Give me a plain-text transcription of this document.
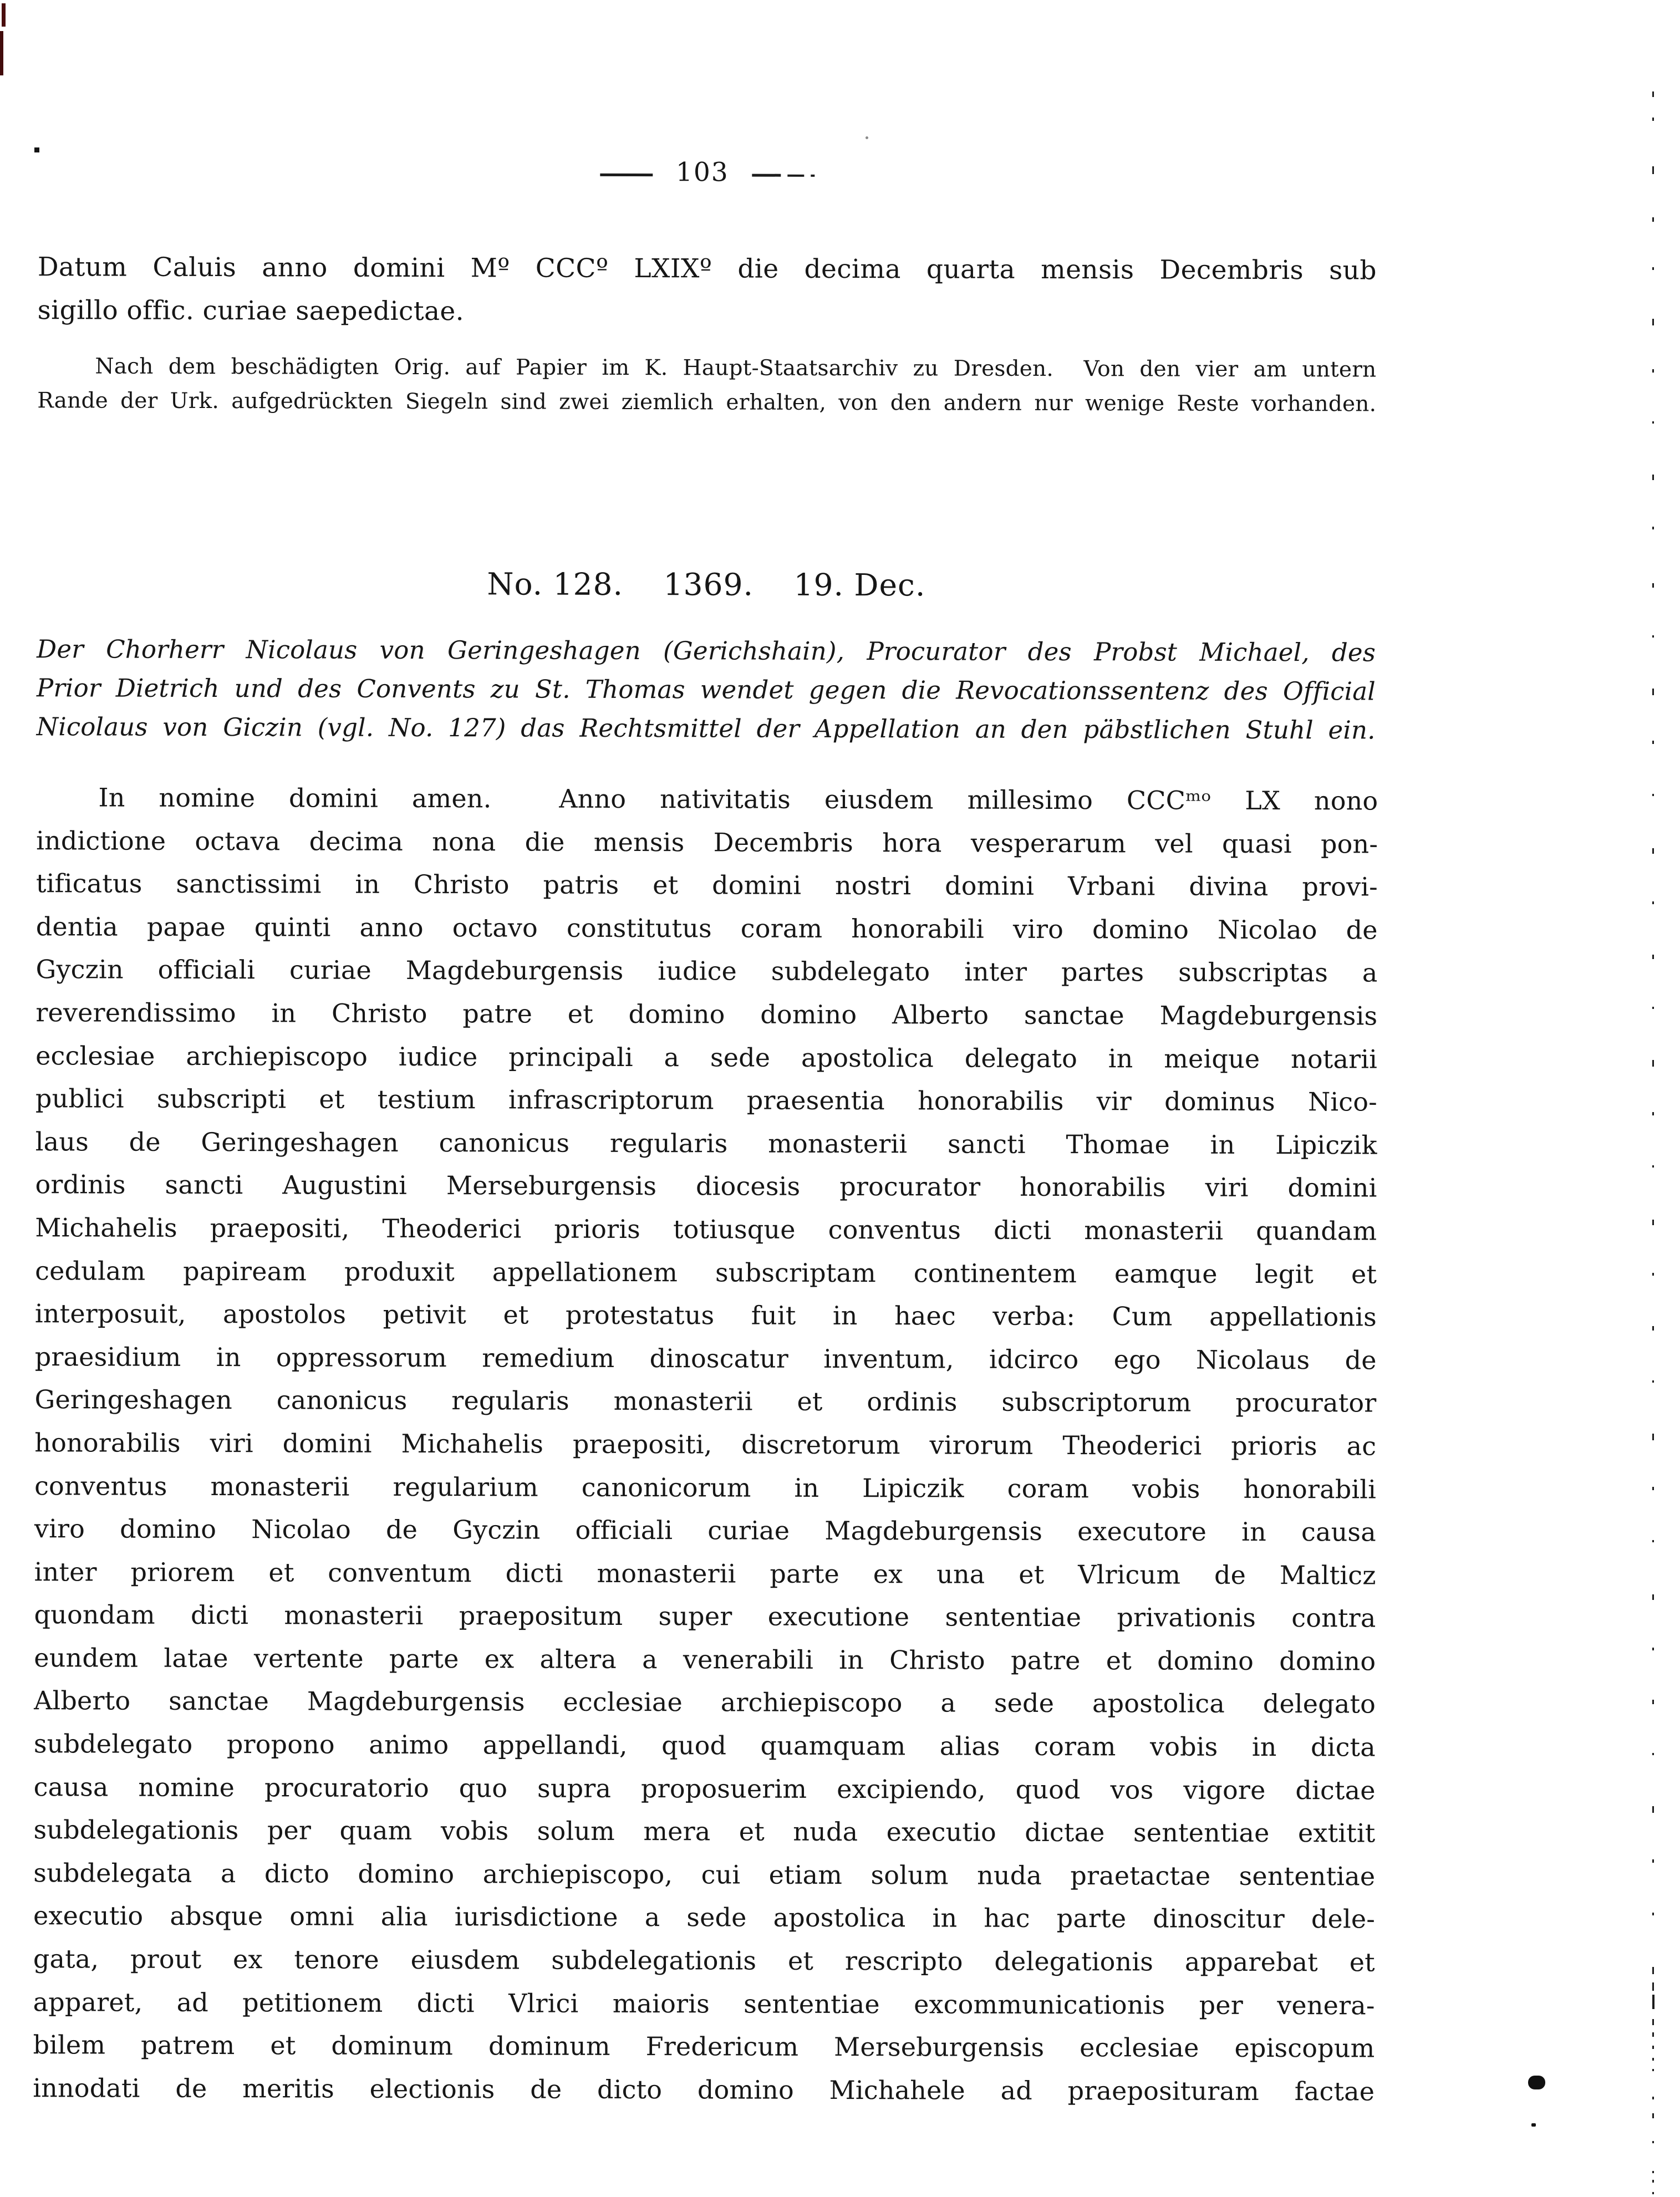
103
Datum Caluis anno domini Mº CCCº LXIXº die decima quarta mensis Decembris sub
sigillo offic. curiae saepedictae.
Nach dem beschädigten Orig. auf Papier im K. Haupt-Staatsarchiv zu Dresden.  Von den vier am untern
Rande der Urk. aufgedrückten Siegeln sind zwei ziemlich erhalten, von den andern nur wenige Reste vorhanden.
No. 128. 1369. 19. Dec.
Der Chorherr Nicolaus von Geringeshagen (Gerichshain), Procurator des Probst Michael, des
Prior Dietrich und des Convents zu St. Thomas wendet gegen die Revocationssentenz des Official
Nicolaus von Giczin (vgl. No. 127) das Rechtsmittel der Appellation an den päbstlichen Stuhl ein.
In nomine domini amen.  Anno nativitatis eiusdem millesimo CCCᵐᵒ LX nono
indictione octava decima nona die mensis Decembris hora vesperarum vel quasi pon-
tificatus sanctissimi in Christo patris et domini nostri domini Vrbani divina provi-
dentia papae quinti anno octavo constitutus coram honorabili viro domino Nicolao de
Gyczin officiali curiae Magdeburgensis iudice subdelegato inter partes subscriptas a
reverendissimo in Christo patre et domino domino Alberto sanctae Magdeburgensis
ecclesiae archiepiscopo iudice principali a sede apostolica delegato in meique notarii
publici subscripti et testium infrascriptorum praesentia honorabilis vir dominus Nico-
laus de Geringeshagen canonicus regularis monasterii sancti Thomae in Lipiczik
ordinis sancti Augustini Merseburgensis diocesis procurator honorabilis viri domini
Michahelis praepositi, Theoderici prioris totiusque conventus dicti monasterii quandam
cedulam papiream produxit appellationem subscriptam continentem eamque legit et
interposuit, apostolos petivit et protestatus fuit in haec verba: Cum appellationis
praesidium in oppressorum remedium dinoscatur inventum, idcirco ego Nicolaus de
Geringeshagen canonicus regularis monasterii et ordinis subscriptorum procurator
honorabilis viri domini Michahelis praepositi, discretorum virorum Theoderici prioris ac
conventus monasterii regularium canonicorum in Lipiczik coram vobis honorabili
viro domino Nicolao de Gyczin officiali curiae Magdeburgensis executore in causa
inter priorem et conventum dicti monasterii parte ex una et Vlricum de Malticz
quondam dicti monasterii praepositum super executione sententiae privationis contra
eundem latae vertente parte ex altera a venerabili in Christo patre et domino domino
Alberto sanctae Magdeburgensis ecclesiae archiepiscopo a sede apostolica delegato
subdelegato propono animo appellandi, quod quamquam alias coram vobis in dicta
causa nomine procuratorio quo supra proposuerim excipiendo, quod vos vigore dictae
subdelegationis per quam vobis solum mera et nuda executio dictae sententiae extitit
subdelegata a dicto domino archiepiscopo, cui etiam solum nuda praetactae sententiae
executio absque omni alia iurisdictione a sede apostolica in hac parte dinoscitur dele-
gata, prout ex tenore eiusdem subdelegationis et rescripto delegationis apparebat et
apparet, ad petitionem dicti Vlrici maioris sententiae excommunicationis per venera-
bilem patrem et dominum dominum Fredericum Merseburgensis ecclesiae episcopum
innodati de meritis electionis de dicto domino Michahele ad praeposituram factae
